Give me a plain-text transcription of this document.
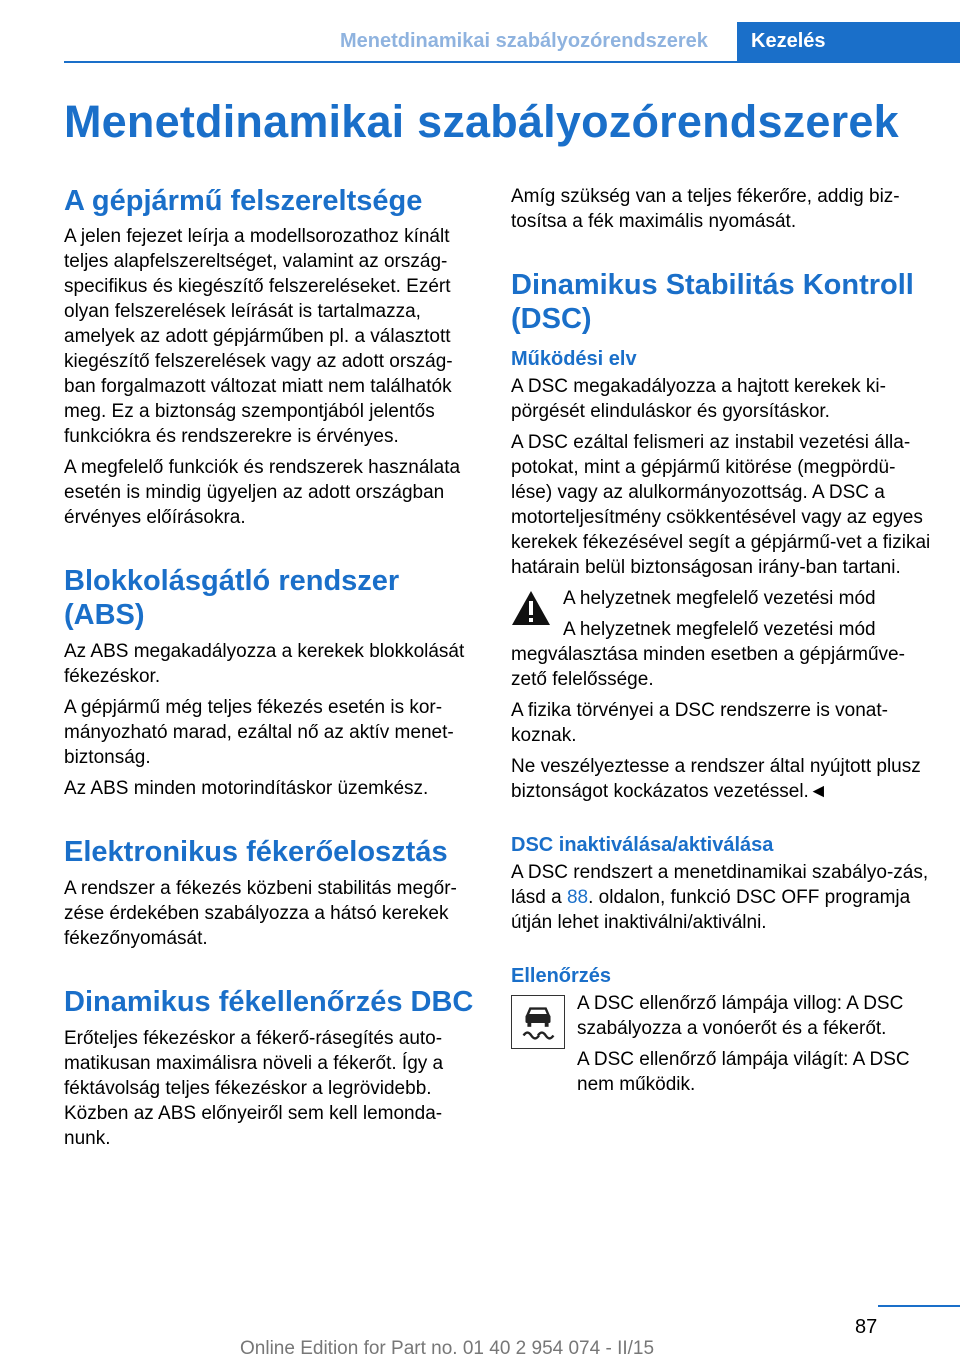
Menetdinamikai szabályozórendszerek	Kezelés
Menetdinamikai szabályozórendszerek
A gépjármű felszereltsége

A jelen fejezet leírja a modellsorozathoz kínált teljes alapfelszereltséget, valamint az ország-specifikus és kiegészítő felszereléseket. Ezért olyan felszerelések leírását is tartalmazza, amelyek az adott gépjárműben pl. a választott kiegészítő felszerelések vagy az adott ország-ban forgalmazott változat miatt nem találhatók meg. Ez a biztonság szempontjából jelentős funkciókra és rendszerekre is érvényes.

A megfelelő funkciók és rendszerek használata esetén is mindig ügyeljen az adott országban érvényes előírásokra.

Blokkolásgátló rendszer (ABS)

Az ABS megakadályozza a kerekek blokkolását fékezéskor.

A gépjármű még teljes fékezés esetén is kor-mányozható marad, ezáltal nő az aktív menet-biztonság.

Az ABS minden motorindításkor üzemkész.

Elektronikus fékerőelosztás

A rendszer a fékezés közbeni stabilitás megőr-zése érdekében szabályozza a hátsó kerekek fékezőnyomását.

Dinamikus fékellenőrzés DBC

Erőteljes fékezéskor a fékerő-rásegítés auto-matikusan maximálisra növeli a fékerőt. Így a féktávolság teljes fékezéskor a legrövidebb. Közben az ABS előnyeiről sem kell lemonda-nunk.

Amíg szükség van a teljes fékerőre, addig biz-tosítsa a fék maximális nyomását.

Dinamikus Stabilitás Kontroll (DSC)
Működési elv

A DSC megakadályozza a hajtott kerekek ki-pörgését elinduláskor és gyorsításkor.

A DSC ezáltal felismeri az instabil vezetési álla-potokat, mint a gépjármű kitörése (megpördü-lése) vagy az alulkormányozottság. A DSC a motorteljesítmény csökkentésével vagy az egyes kerekek fékezésével segít a gépjármű-vet a fizikai határain belül biztonságosan irány-ban tartani.

A helyzetnek megfelelő vezetési mód

A helyzetnek megfelelő vezetési mód megválasztása minden esetben a gépjárműve-zető felelőssége.

A fizika törvényei a DSC rendszerre is vonat-koznak.

Ne veszélyeztesse a rendszer által nyújtott plusz biztonságot kockázatos vezetéssel.◄

DSC inaktiválása/aktiválása

A DSC rendszert a menetdinamikai szabályo-zás, lásd a 88. oldalon, funkció DSC OFF programja útján lehet inaktiválni/aktiválni.

Ellenőrzés

A DSC ellenőrző lámpája villog: A DSC szabályozza a vonóerőt és a fékerőt.

A DSC ellenőrző lámpája világít: A DSC nem működik.

87
Online Edition for Part no. 01 40 2 954 074 - II/15
